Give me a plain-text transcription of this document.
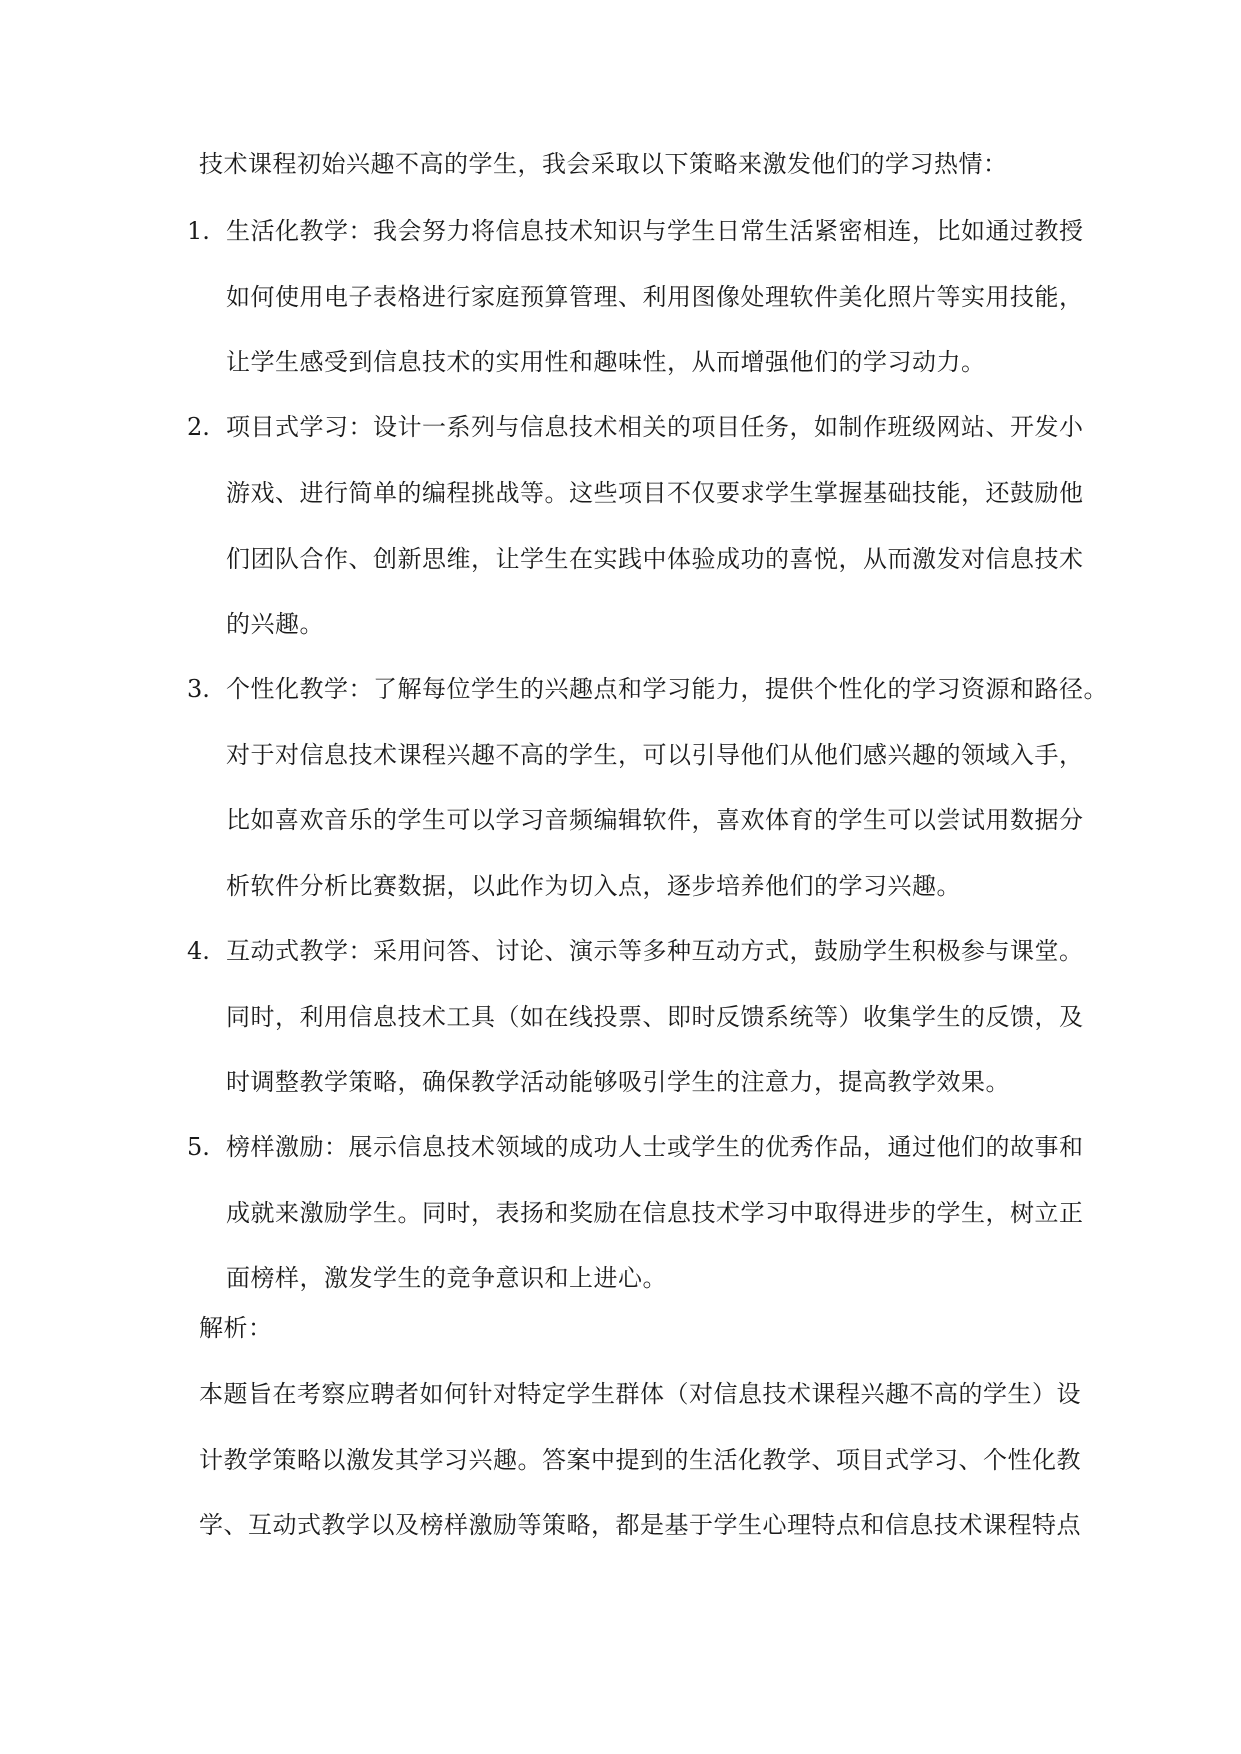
技术课程初始兴趣不高的学生，我会采取以下策略来激发他们的学习热情：
1. 生活化教学：我会努力将信息技术知识与学生日常生活紧密相连，比如通过教授
如何使用电子表格进行家庭预算管理、利用图像处理软件美化照片等实用技能，
让学生感受到信息技术的实用性和趣味性，从而增强他们的学习动力。
2. 项目式学习：设计一系列与信息技术相关的项目任务，如制作班级网站、开发小
游戏、进行简单的编程挑战等。这些项目不仅要求学生掌握基础技能，还鼓励他
们团队合作、创新思维，让学生在实践中体验成功的喜悦，从而激发对信息技术
的兴趣。
3. 个性化教学：了解每位学生的兴趣点和学习能力，提供个性化的学习资源和路径。
对于对信息技术课程兴趣不高的学生，可以引导他们从他们感兴趣的领域入手，
比如喜欢音乐的学生可以学习音频编辑软件，喜欢体育的学生可以尝试用数据分
析软件分析比赛数据，以此作为切入点，逐步培养他们的学习兴趣。
4. 互动式教学：采用问答、讨论、演示等多种互动方式，鼓励学生积极参与课堂。
同时，利用信息技术工具（如在线投票、即时反馈系统等）收集学生的反馈，及
时调整教学策略，确保教学活动能够吸引学生的注意力，提高教学效果。
5. 榜样激励：展示信息技术领域的成功人士或学生的优秀作品，通过他们的故事和
成就来激励学生。同时，表扬和奖励在信息技术学习中取得进步的学生，树立正
面榜样，激发学生的竞争意识和上进心。
解析：
本题旨在考察应聘者如何针对特定学生群体（对信息技术课程兴趣不高的学生）设
计教学策略以激发其学习兴趣。答案中提到的生活化教学、项目式学习、个性化教
学、互动式教学以及榜样激励等策略，都是基于学生心理特点和信息技术课程特点
